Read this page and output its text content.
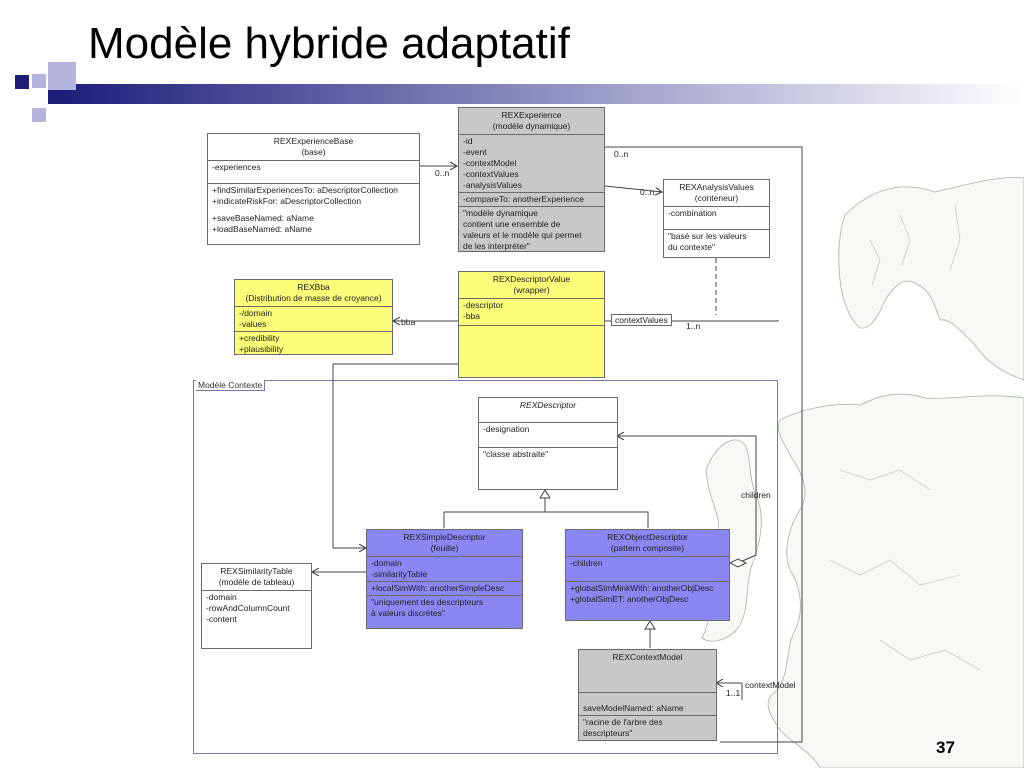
Modèle hybride adaptatif
Modèle Contexte
REXExperienceBase
(base)
-experiences
+findSimilarExperiencesTo: aDescriptorCollection
+indicateRiskFor: aDescriptorCollection
+saveBaseNamed: aName
+loadBaseNamed: aName
REXExperience
(modèle dynamique)
-id
-event
-contextModel
-contextValues
-analysisValues
-compareTo: anotherExperience
"modèle dynamique
contient une ensemble de
valeurs et le modèle qui permet
de les interpréter"
REXAnalysisValues
(conteneur)
-combination
"basé sur les valeurs
du contexte"
REXBba
(Distribution de masse de croyance)
-/domain
-values
+credibility
+plausibility
REXDescriptorValue
(wrapper)
-descriptor
-bba
REXDescriptor
-designation
"classe abstraite"
REXSimpleDescriptor
(feuille)
-domain
-similarityTable
+localSimWith: anotherSimpleDesc
"uniquement des descripteurs
à valeurs discrètes"
REXObjectDescriptor
(pattern composite)
-children
+globalSimMinkWith: anotherObjDesc
+globalSimET: anotherObjDesc
REXSimilarityTable
(modèle de tableau)
-domain
-rowAndColumnCount
-content
REXContextModel
saveModelNamed: aName
"racine de l'arbre des
descripteurs"
0..n
0..n
0..n
bba	contextValues
1..n
children
contextModel
1..1
37
